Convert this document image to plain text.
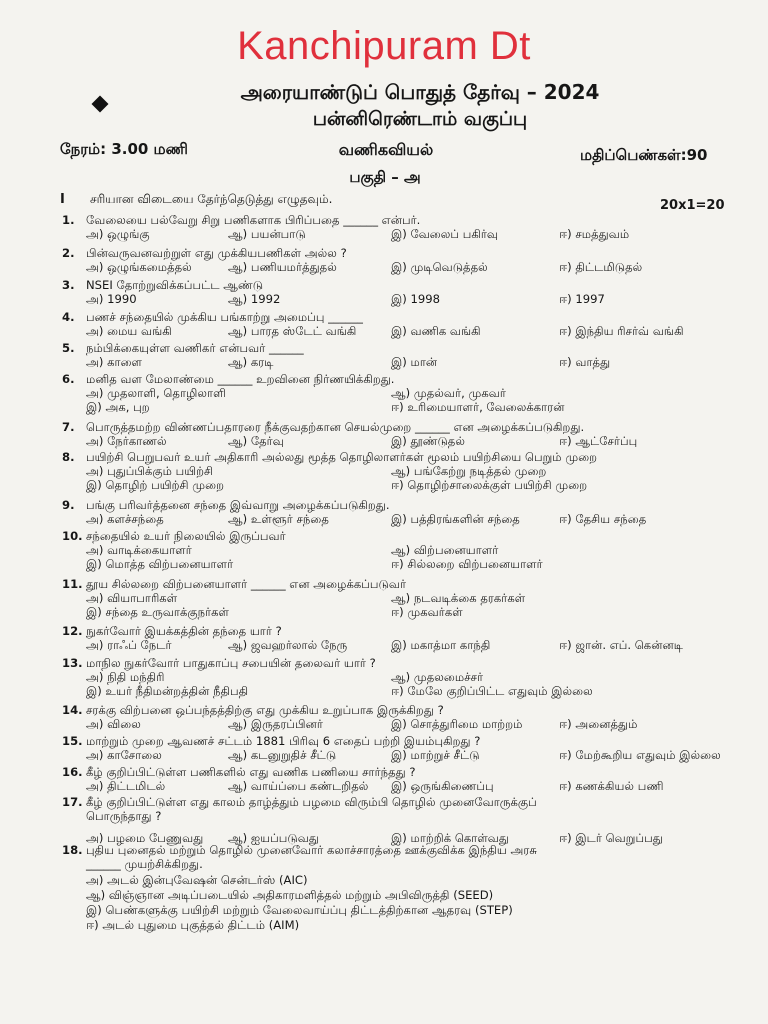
Kanchipuram Dt
அரையாண்டுப் பொதுத் தேர்வு – 2024
பன்னிரெண்டாம் வகுப்பு
நேரம்: 3.00 மணி	வணிகவியல்	மதிப்பெண்கள்:90
பகுதி – அ
I சரியான விடையை தேர்ந்தெடுத்து எழுதவும்.	20x1=20
1. வேலையை பல்வேறு சிறு பணிகளாக பிரிப்பதை ______ என்பர்.
அ) ஒழுங்கு	ஆ) பயன்பாடு	இ) வேலைப் பகிர்வு	ஈ) சமத்துவம்
2. பின்வருவனவற்றுள் எது முக்கியபணிகள் அல்ல ?
அ) ஒழுங்கமைத்தல்	ஆ) பணியமர்த்துதல்	இ) முடிவெடுத்தல்	ஈ) திட்டமிடுதல்
3. NSEI தோற்றுவிக்கப்பட்ட ஆண்டு
அ) 1990	ஆ) 1992	இ) 1998	ஈ) 1997
4. பணச் சந்தையில் முக்கிய பங்காற்று அமைப்பு ______
அ) மைய வங்கி	ஆ) பாரத ஸ்டேட் வங்கி	இ) வணிக வங்கி	ஈ) இந்திய ரிசர்வ் வங்கி
5. நம்பிக்கையுள்ள வணிகர் என்பவர் ______
அ) காளை	ஆ) கரடி	இ) மான்	ஈ) வாத்து
6. மனித வள மேலாண்மை ______ உறவினை நிர்ணயிக்கிறது.
அ) முதலாளி, தொழிலாளி	ஆ) முதல்வர், முகவர்
இ) அக, புற	ஈ) உரிமையாளர், வேலைக்காரன்
7. பொருத்தமற்ற விண்ணப்பதாரரை நீக்குவதற்கான செயல்முறை ______ என அழைக்கப்படுகிறது.
அ) நேர்காணல்	ஆ) தேர்வு	இ) தூண்டுதல்	ஈ) ஆட்சேர்ப்பு
8. பயிற்சி பெறுபவர் உயர் அதிகாரி அல்லது மூத்த தொழிலாளர்கள் மூலம் பயிற்சியை பெறும் முறை
அ) புதுப்பிக்கும் பயிற்சி	ஆ) பங்கேற்று நடித்தல் முறை
இ) தொழிற் பயிற்சி முறை	ஈ) தொழிற்சாலைக்குள் பயிற்சி முறை
9. பங்கு பரிவர்த்தனை சந்தை இவ்வாறு அழைக்கப்படுகிறது.
அ) களச்சந்தை	ஆ) உள்ளூர் சந்தை	இ) பத்திரங்களின் சந்தை	ஈ) தேசிய சந்தை
10. சந்தையில் உயர் நிலையில் இருப்பவர்
அ) வாடிக்கையாளர்	ஆ) விற்பனையாளர்
இ) மொத்த விற்பனையாளர்	ஈ) சில்லறை விற்பனையாளர்
11. தூய சில்லறை விற்பனையாளர் ______ என அழைக்கப்படுவர்
அ) வியாபாரிகள்	ஆ) நடவடிக்கை தரகர்கள்
இ) சந்தை உருவாக்குநர்கள்	ஈ) முகவர்கள்
12. நுகர்வோர் இயக்கத்தின் தந்தை யார் ?
அ) ராஃப் நேடர்	ஆ) ஜவஹர்லால் நேரு	இ) மகாத்மா காந்தி	ஈ) ஜான். எப். கென்னடி
13. மாநில நுகர்வோர் பாதுகாப்பு சபையின் தலைவர் யார் ?
அ) நிதி மந்திரி	ஆ) முதலமைச்சர்
இ) உயர் நீதிமன்றத்தின் நீதிபதி	ஈ) மேலே குறிப்பிட்ட எதுவும் இல்லை
14. சரக்கு விற்பனை ஒப்பந்தத்திற்கு எது முக்கிய உறுப்பாக இருக்கிறது ?
அ) விலை	ஆ) இருதரப்பினர்	இ) சொத்துரிமை மாற்றம்	ஈ) அனைத்தும்
15. மாற்றும் முறை ஆவணச் சட்டம் 1881 பிரிவு 6 எதைப் பற்றி இயம்புகிறது ?
அ) காசோலை	ஆ) கடனுறுதிச் சீட்டு	இ) மாற்றுச் சீட்டு	ஈ) மேற்கூறிய எதுவும் இல்லை
16. கீழ் குறிப்பிட்டுள்ள பணிகளில் எது வணிக பணியை சார்ந்தது ?
அ) திட்டமிடல்	ஆ) வாய்ப்பை கண்டறிதல்	இ) ஒருங்கிணைப்பு	ஈ) கணக்கியல் பணி
17. கீழ் குறிப்பிட்டுள்ள எது காலம் தாழ்த்தும் பழமை விரும்பி தொழில் முனைவோருக்குப்
பொருந்தாது ?
அ) பழமை பேணுவது	ஆ) ஐயப்படுவது	இ) மாற்றிக் கொள்வது	ஈ) இடர் வெறுப்பது
18. புதிய புனைதல் மற்றும் தொழில் முனைவோர் கலாச்சாரத்தை ஊக்குவிக்க இந்திய அரசு
______ முயற்சிக்கிறது.
அ) அடல் இன்புவேஷன் சென்டர்ஸ் (AIC)
ஆ) விஞ்ஞான அடிப்படையில் அதிகாரமளித்தல் மற்றும் அபிவிருத்தி (SEED)
இ) பெண்களுக்கு பயிற்சி மற்றும் வேலைவாய்ப்பு திட்டத்திற்கான ஆதரவு (STEP)
ஈ) அடல் புதுமை புகுத்தல் திட்டம் (AIM)
